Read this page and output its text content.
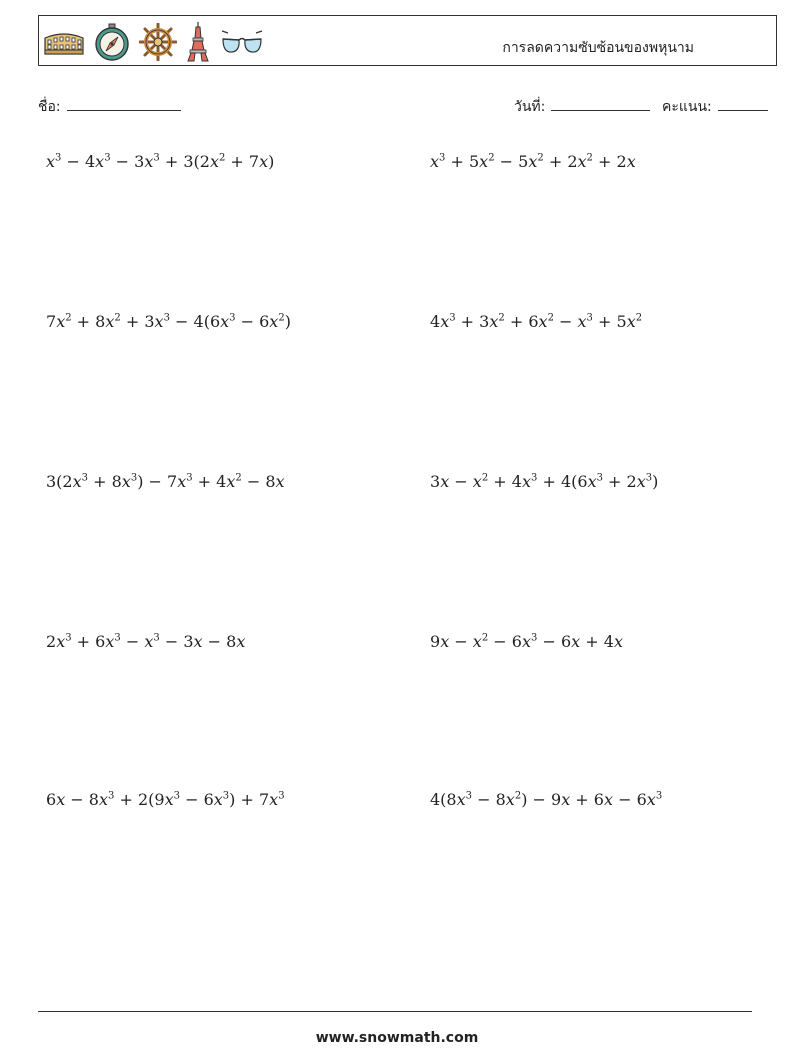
การลดความซับซ้อนของพหุนาม
ชื่อ:	วันที่:	คะแนน:
$x^3 - 4x^3 - 3x^3 + 3(2x^2 + 7x)$	$x^3 + 5x^2 - 5x^2 + 2x^2 + 2x$
$7x^2 + 8x^2 + 3x^3 - 4(6x^3 - 6x^2)$	$4x^3 + 3x^2 + 6x^2 - x^3 + 5x^2$
$3(2x^3 + 8x^3) - 7x^3 + 4x^2 - 8x$	$3x - x^2 + 4x^3 + 4(6x^3 + 2x^3)$
$2x^3 + 6x^3 - x^3 - 3x - 8x$	$9x - x^2 - 6x^3 - 6x + 4x$
$6x - 8x^3 + 2(9x^3 - 6x^3) + 7x^3$	$4(8x^3 - 8x^2) - 9x + 6x - 6x^3$
www.snowmath.com
